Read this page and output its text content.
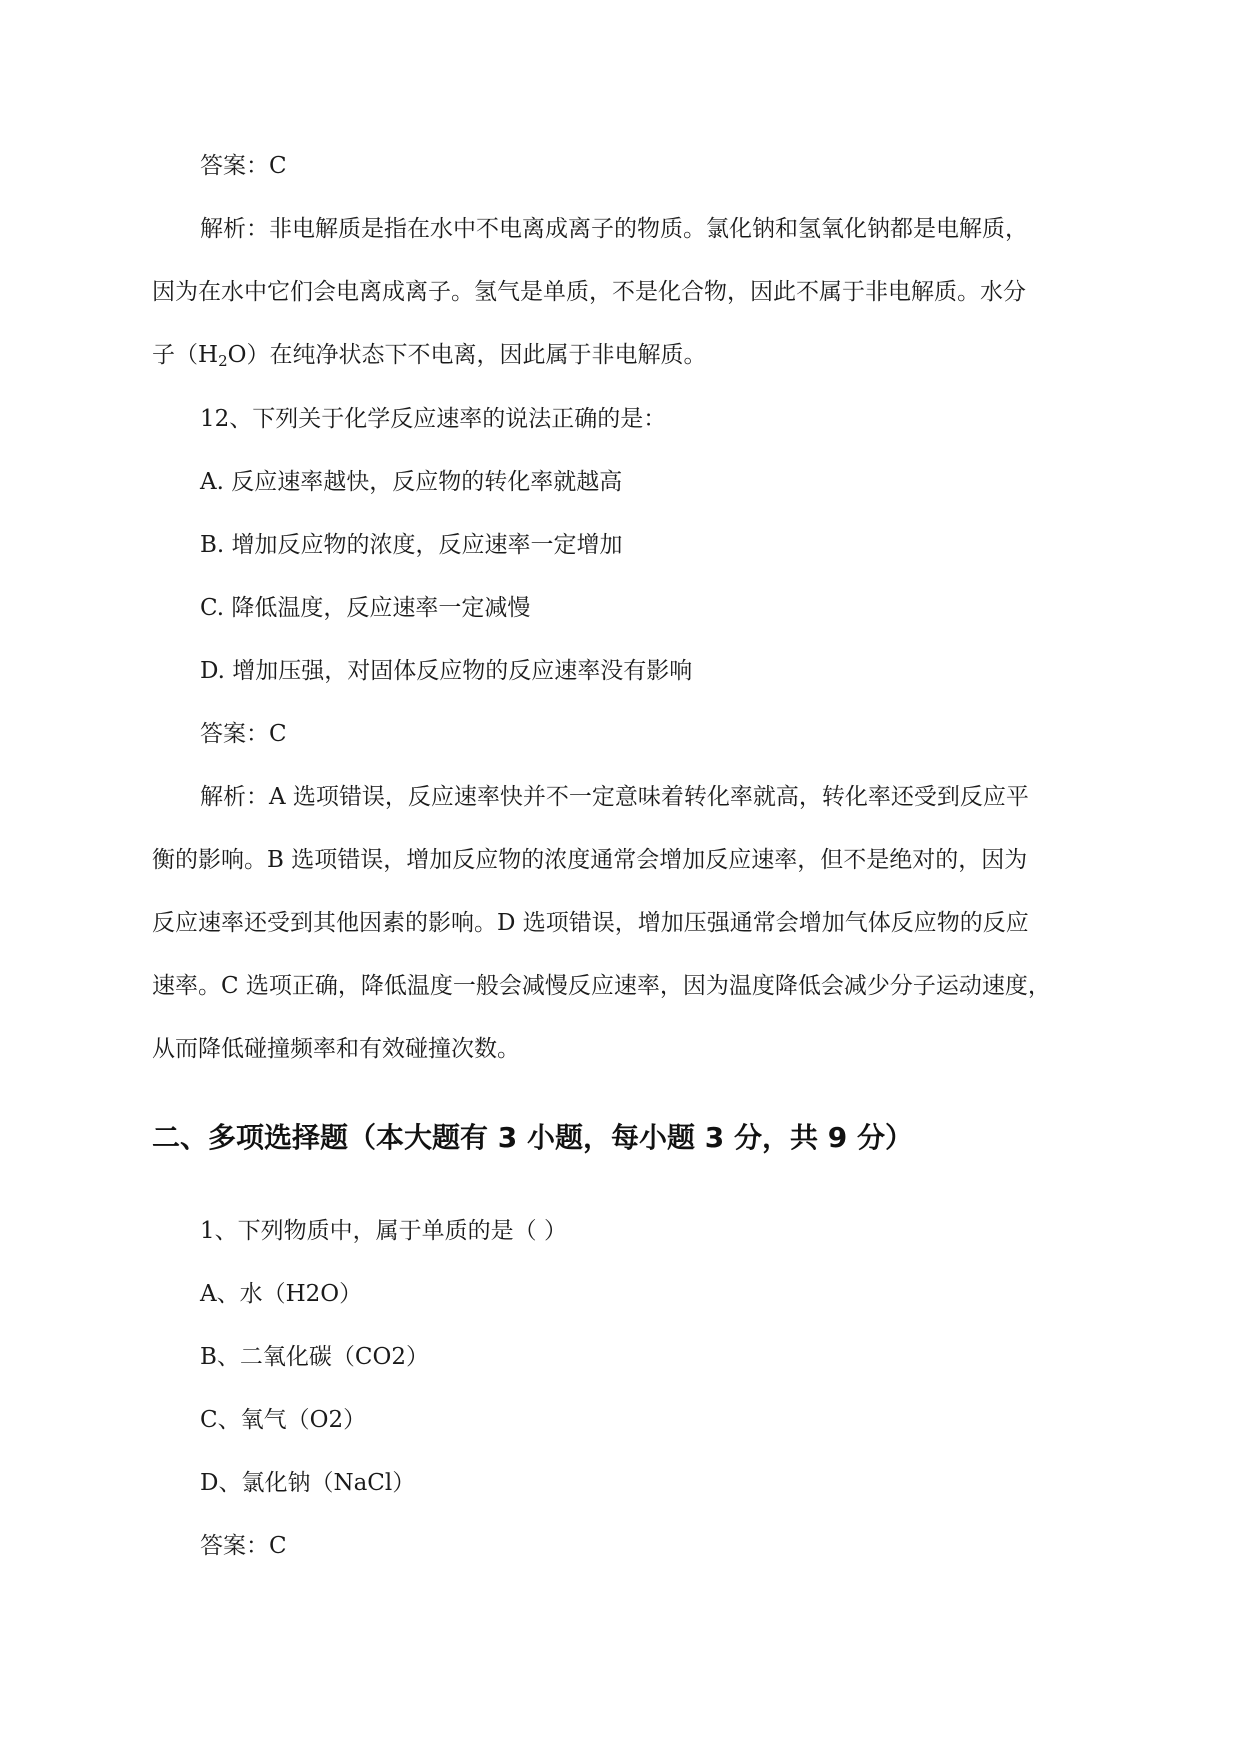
答案：C
解析：非电解质是指在水中不电离成离子的物质。氯化钠和氢氧化钠都是电解质，
因为在水中它们会电离成离子。氢气是单质，不是化合物，因此不属于非电解质。水分
子$(H_2O)$在纯净状态下不电离，因此属于非电解质。
12、下列关于化学反应速率的说法正确的是：
A. 反应速率越快，反应物的转化率就越高
B. 增加反应物的浓度，反应速率一定增加
C. 降低温度，反应速率一定减慢
D. 增加压强，对固体反应物的反应速率没有影响
答案：C
解析：A 选项错误，反应速率快并不一定意味着转化率就高，转化率还受到反应平
衡的影响。B 选项错误，增加反应物的浓度通常会增加反应速率，但不是绝对的，因为
反应速率还受到其他因素的影响。D 选项错误，增加压强通常会增加气体反应物的反应
速率。C 选项正确，降低温度一般会减慢反应速率，因为温度降低会减少分子运动速度，
从而降低碰撞频率和有效碰撞次数。
二、多项选择题（本大题有 3 小题，每小题 3 分，共 9 分）
1、下列物质中，属于单质的是（ ）
A、水（H2O）
B、二氧化碳（CO2）
C、氧气（O2）
D、氯化钠（NaCl）
答案：C
